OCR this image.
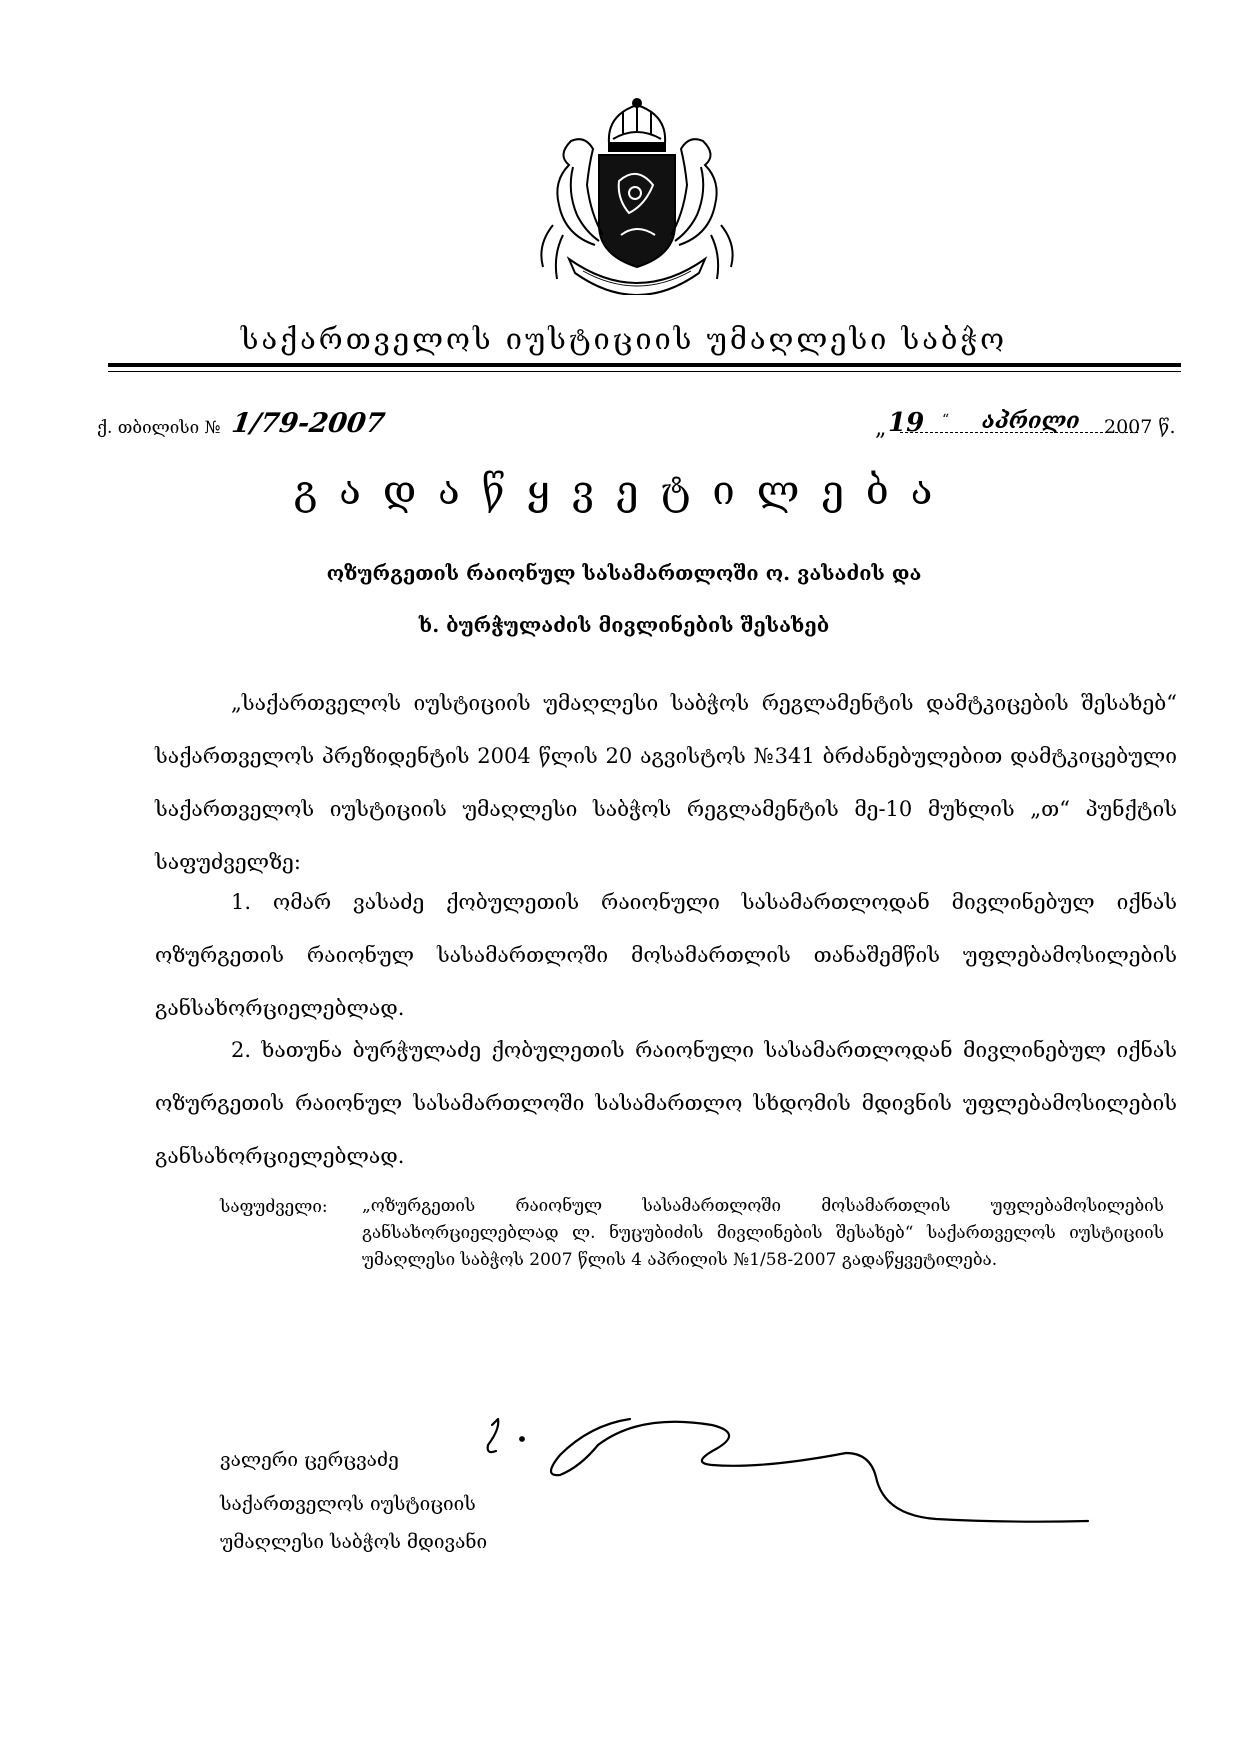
საქართველოს იუსტიციის უმაღლესი საბჭო
ქ. თბილისი № 1/79-2007	„ 19 “ აპრილი 2007 წ.
გადაწყვეტილება
ოზურგეთის რაიონულ სასამართლოში ო. ვასაძის და
ხ. ბურჭულაძის მივლინების შესახებ
„საქართველოს იუსტიციის უმაღლესი საბჭოს რეგლამენტის დამტკიცების შესახებ“ საქართველოს პრეზიდენტის 2004 წლის 20 აგვისტოს №341 ბრძანებულებით დამტკიცებული საქართველოს იუსტიციის უმაღლესი საბჭოს რეგლამენტის მე-10 მუხლის „თ“ პუნქტის საფუძველზე:
1. ომარ ვასაძე ქობულეთის რაიონული სასამართლოდან მივლინებულ იქნას ოზურგეთის რაიონულ სასამართლოში მოსამართლის თანაშემწის უფლებამოსილების განსახორციელებლად.
2. ხათუნა ბურჭულაძე ქობულეთის რაიონული სასამართლოდან მივლინებულ იქნას ოზურგეთის რაიონულ სასამართლოში სასამართლო სხდომის მდივნის უფლებამოსილების განსახორციელებლად.
საფუძველი: „ოზურგეთის რაიონულ სასამართლოში მოსამართლის უფლებამოსილების განსახორციელებლად ლ. ნუცუბიძის მივლინების შესახებ“ საქართველოს იუსტიციის უმაღლესი საბჭოს 2007 წლის 4 აპრილის №1/58-2007 გადაწყვეტილება.
ვალერი ცერცვაძე
საქართველოს იუსტიციის
უმაღლესი საბჭოს მდივანი
